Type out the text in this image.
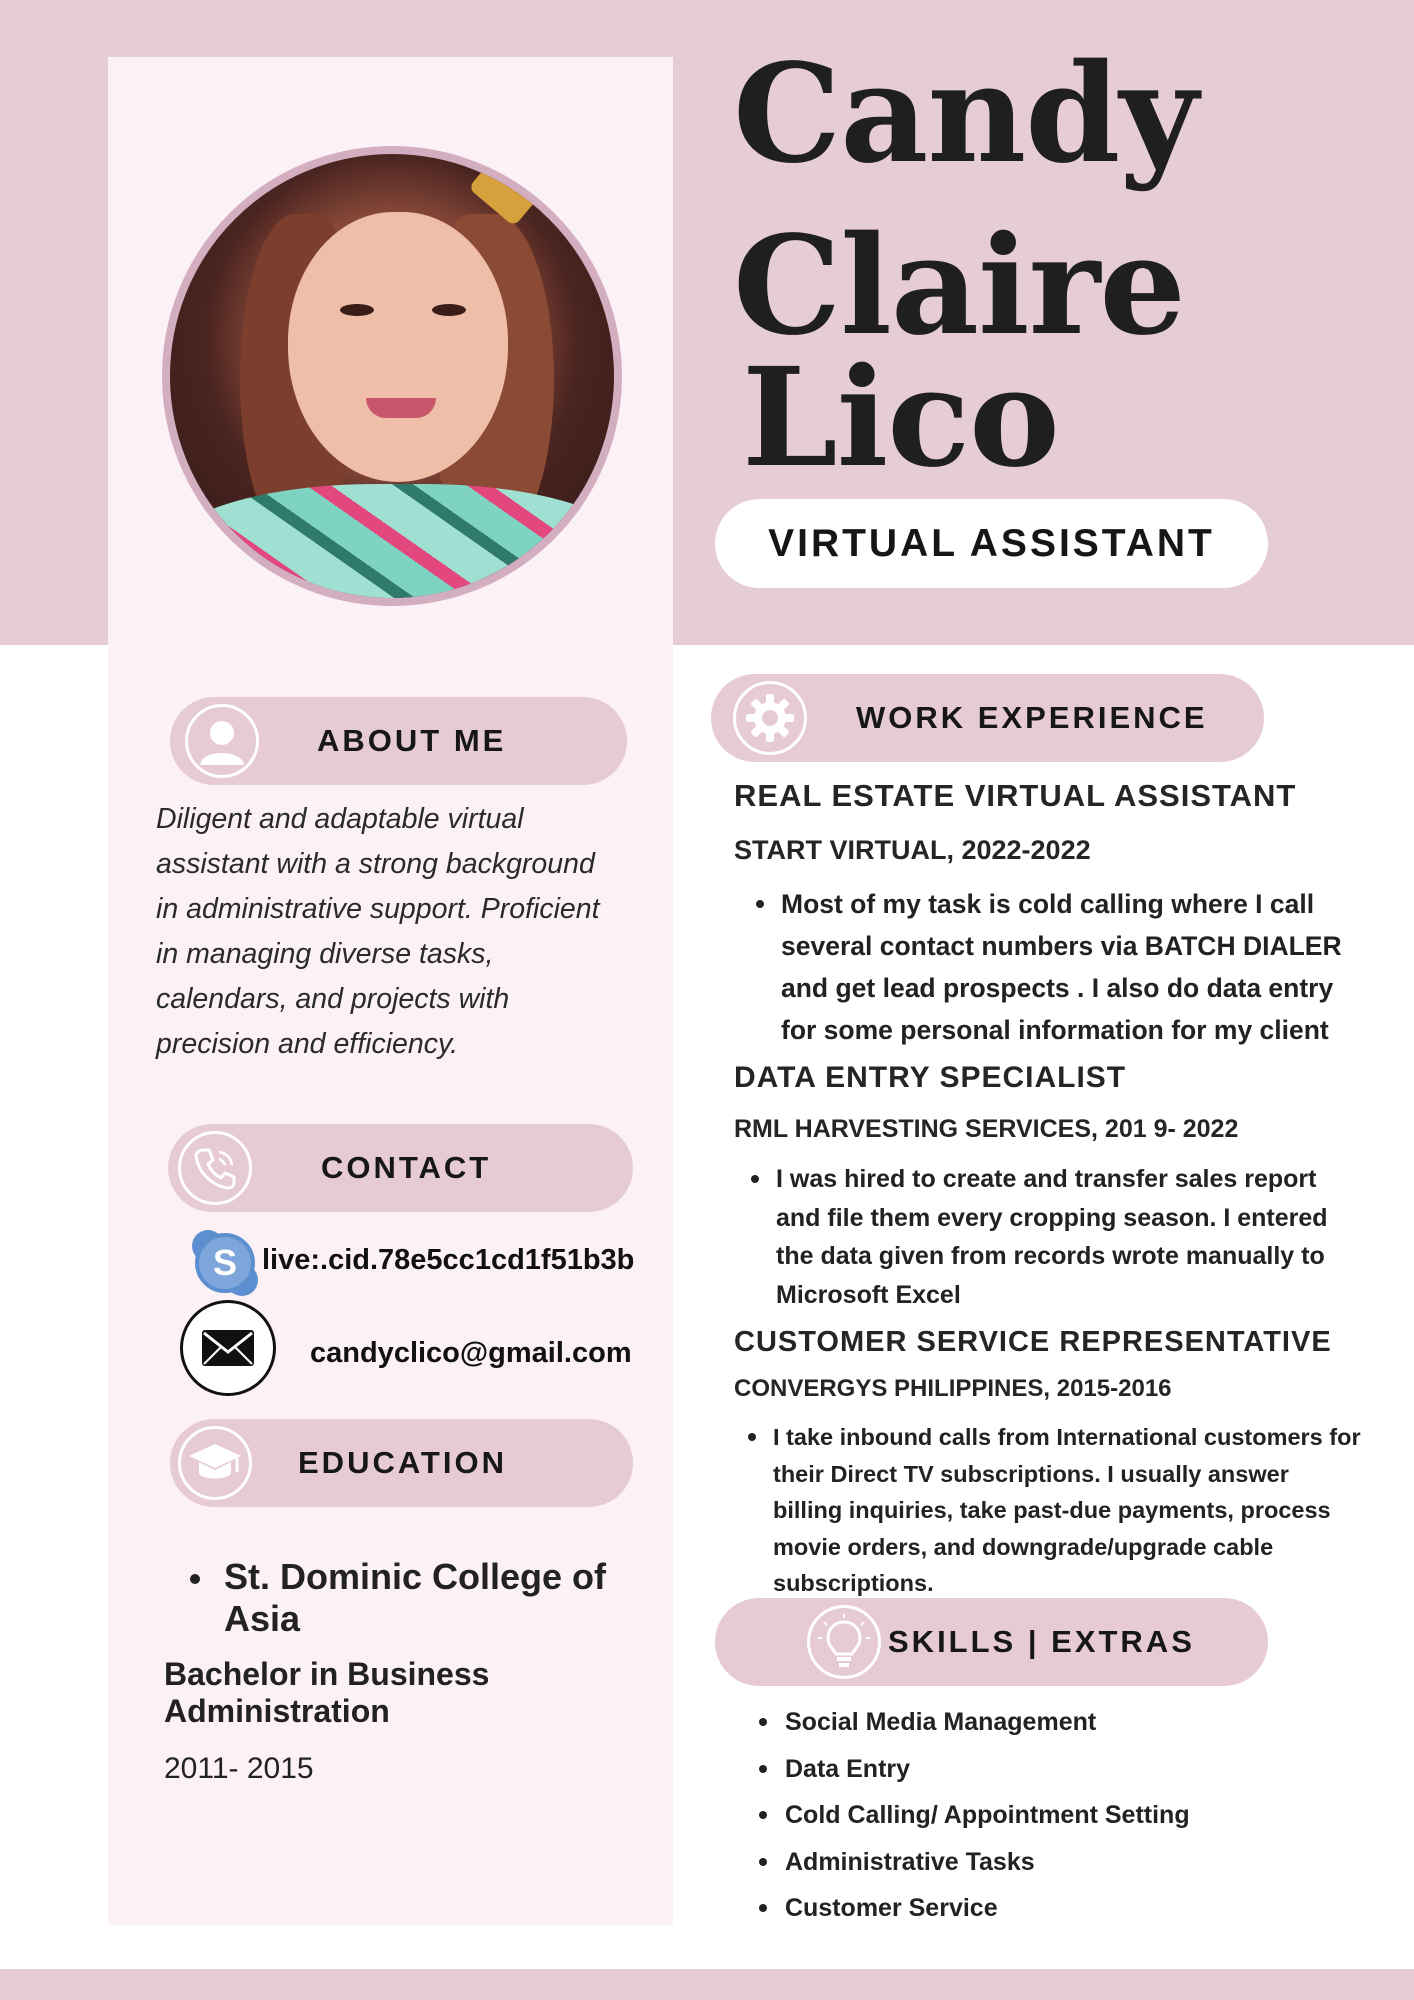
Candy
Claire
Lico
VIRTUAL ASSISTANT
ABOUT ME
Diligent and adaptable virtual assistant with a strong background in administrative support. Proficient in managing diverse tasks, calendars, and projects with precision and efficiency.
CONTACT
S live:.cid.78e5cc1cd1f51b3b
candyclico@gmail.com
EDUCATION
St. Dominic College of Asia
Bachelor in Business Administration
2011- 2015
WORK EXPERIENCE
REAL ESTATE VIRTUAL ASSISTANT
START VIRTUAL, 2022-2022
Most of my task is cold calling where I call several contact numbers via BATCH DIALER and get lead prospects . I also do data entry for some personal information for my client
DATA ENTRY SPECIALIST
RML HARVESTING SERVICES, 201 9- 2022
I was hired to create and transfer sales report and file them every cropping season. I entered the data given from records wrote manually to Microsoft Excel
CUSTOMER SERVICE REPRESENTATIVE
CONVERGYS PHILIPPINES, 2015-2016
I take inbound calls from International customers for their Direct TV subscriptions. I usually answer billing inquiries, take past-due payments, process movie orders, and downgrade/upgrade cable subscriptions.
SKILLS | EXTRAS
Social Media Management
Data Entry
Cold Calling/ Appointment Setting
Administrative Tasks
Customer Service
